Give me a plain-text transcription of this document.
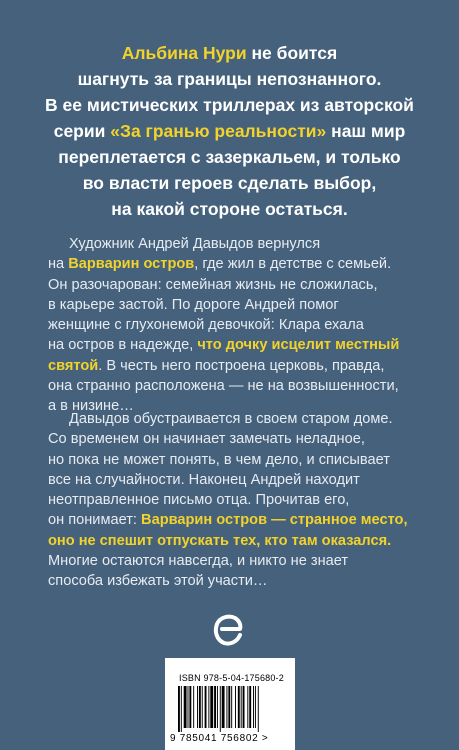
Альбина Нури не боится
шагнуть за границы непознанного.
В ее мистических триллерах из авторской
серии «За гранью реальности» наш мир
переплетается с зазеркальем, и только
во власти героев сделать выбор,
на какой стороне остаться.
Художник Андрей Давыдов вернулся
на Варварин остров, где жил в детстве с семьей.
Он разочарован: семейная жизнь не сложилась,
в карьере застой. По дороге Андрей помог
женщине с глухонемой девочкой: Клара ехала
на остров в надежде, что дочку исцелит местный
святой. В честь него построена церковь, правда,
она странно расположена — не на возвышенности,
а в низине…
Давыдов обустраивается в своем старом доме.
Со временем он начинает замечать неладное,
но пока не может понять, в чем дело, и списывает
все на случайности. Наконец Андрей находит
неотправленное письмо отца. Прочитав его,
он понимает: Варварин остров — странное место,
оно не спешит отпускать тех, кто там оказался.
Многие остаются навсегда, и никто не знает
способа избежать этой участи…
ISBN 978-5-04-175680-2
9 785041 756802 >
